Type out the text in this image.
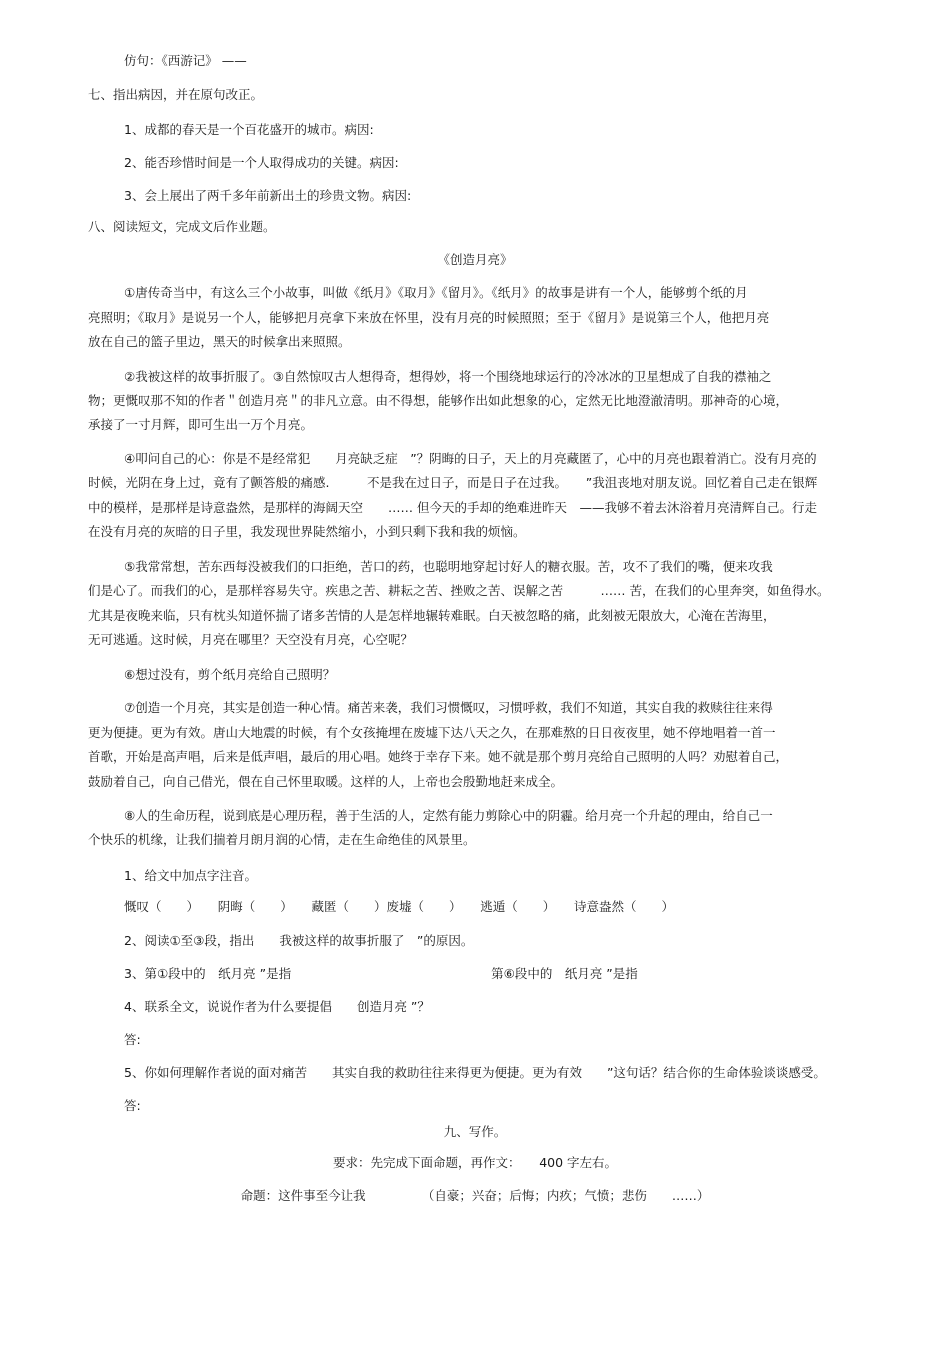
仿句：《西游记》 ——
七、指出病因，并在原句改正。
1、成都的春天是一个百花盛开的城市。病因:
2、能否珍惜时间是一个人取得成功的关键。病因:
3、会上展出了两千多年前新出土的珍贵文物。病因:
八、阅读短文，完成文后作业题。
《创造月亮》
①唐传奇当中，有这么三个小故事，叫做《纸月》《取月》《留月》。《纸月》的故事是讲有一个人，能够剪个纸的月
亮照明；《取月》是说另一个人，能够把月亮拿下来放在怀里，没有月亮的时候照照；至于《留月》是说第三个人，他把月亮
放在自己的篮子里边，黑天的时候拿出来照照。
②我被这样的故事折服了。③自然惊叹古人想得奇，想得妙，将一个围绕地球运行的冷冰冰的卫星想成了自我的襟袖之
物；更慨叹那不知的作者＂创造月亮＂的非凡立意。由不得想，能够作出如此想象的心，定然无比地澄澈清明。那神奇的心境，
承接了一寸月辉，即可生出一万个月亮。
④叩问自己的心：你是不是经常犯　　月亮缺乏症　”？阴晦的日子，天上的月亮藏匿了，心中的月亮也跟着消亡。没有月亮的
时候，光阴在身上过，竟有了颤答般的痛感.　　　不是我在过日子，而是日子在过我。　　”我沮丧地对朋友说。回忆着自己走在银辉
中的模样，是那样是诗意盎然，是那样的海阔天空　　…… 但今天的手却的绝难进昨天　——我够不着去沐浴着月亮清辉自己。行走
在没有月亮的灰暗的日子里，我发现世界陡然缩小，小到只剩下我和我的烦恼。
⑤我常常想，苦东西每没被我们的口拒绝，苦口的药，也聪明地穿起讨好人的糖衣服。苦，攻不了我们的嘴，便来攻我
们是心了。而我们的心，是那样容易失守。疾患之苦、耕耘之苦、挫败之苦、误解之苦　　　…… 苦，在我们的心里奔突，如鱼得水。
尤其是夜晚来临，只有枕头知道怀揣了诸多苦情的人是怎样地辗转难眠。白天被忽略的痛，此刻被无限放大，心淹在苦海里，
无可逃遁。这时候，月亮在哪里？天空没有月亮，心空呢？
⑥想过没有，剪个纸月亮给自己照明？
⑦创造一个月亮，其实是创造一种心情。痛苦来袭，我们习惯慨叹，习惯呼救，我们不知道，其实自我的救赎往往来得
更为便捷。更为有效。唐山大地震的时候，有个女孩掩埋在废墟下达八天之久，在那难熬的日日夜夜里，她不停地唱着一首一
首歌，开始是高声唱，后来是低声唱，最后的用心唱。她终于幸存下来。她不就是那个剪月亮给自己照明的人吗？劝慰着自己，
鼓励着自己，向自己借光，偎在自己怀里取暖。这样的人，上帝也会殷勤地赶来成全。
⑧人的生命历程，说到底是心理历程，善于生活的人，定然有能力剪除心中的阴霾。给月亮一个升起的理由，给自己一
个快乐的机缘，让我们揣着月朗月润的心情，走在生命绝佳的风景里。
1、给文中加点字注音。
慨叹（　　）　　阴晦（　　）　　藏匿（　　）废墟（　　）　　逃遁（　　）　　诗意盎然（　　）
2、阅读①至③段，指出　　我被这样的故事折服了　”的原因。
3、第①段中的　纸月亮 ”是指　　　　　　　　　　　　　　　　第⑥段中的　纸月亮 ”是指
4、联系全文，说说作者为什么要提倡　　创造月亮 ”？
答:
5、你如何理解作者说的面对痛苦　　其实自我的救助往往来得更为便捷。更为有效　　”这句话？结合你的生命体验谈谈感受。
答:
九、写作。
要求：先完成下面命题，再作文：　　400 字左右。
命题：这件事至今让我　　　　　（自豪；兴奋；后悔；内疚；气愤；悲伤　　……）
